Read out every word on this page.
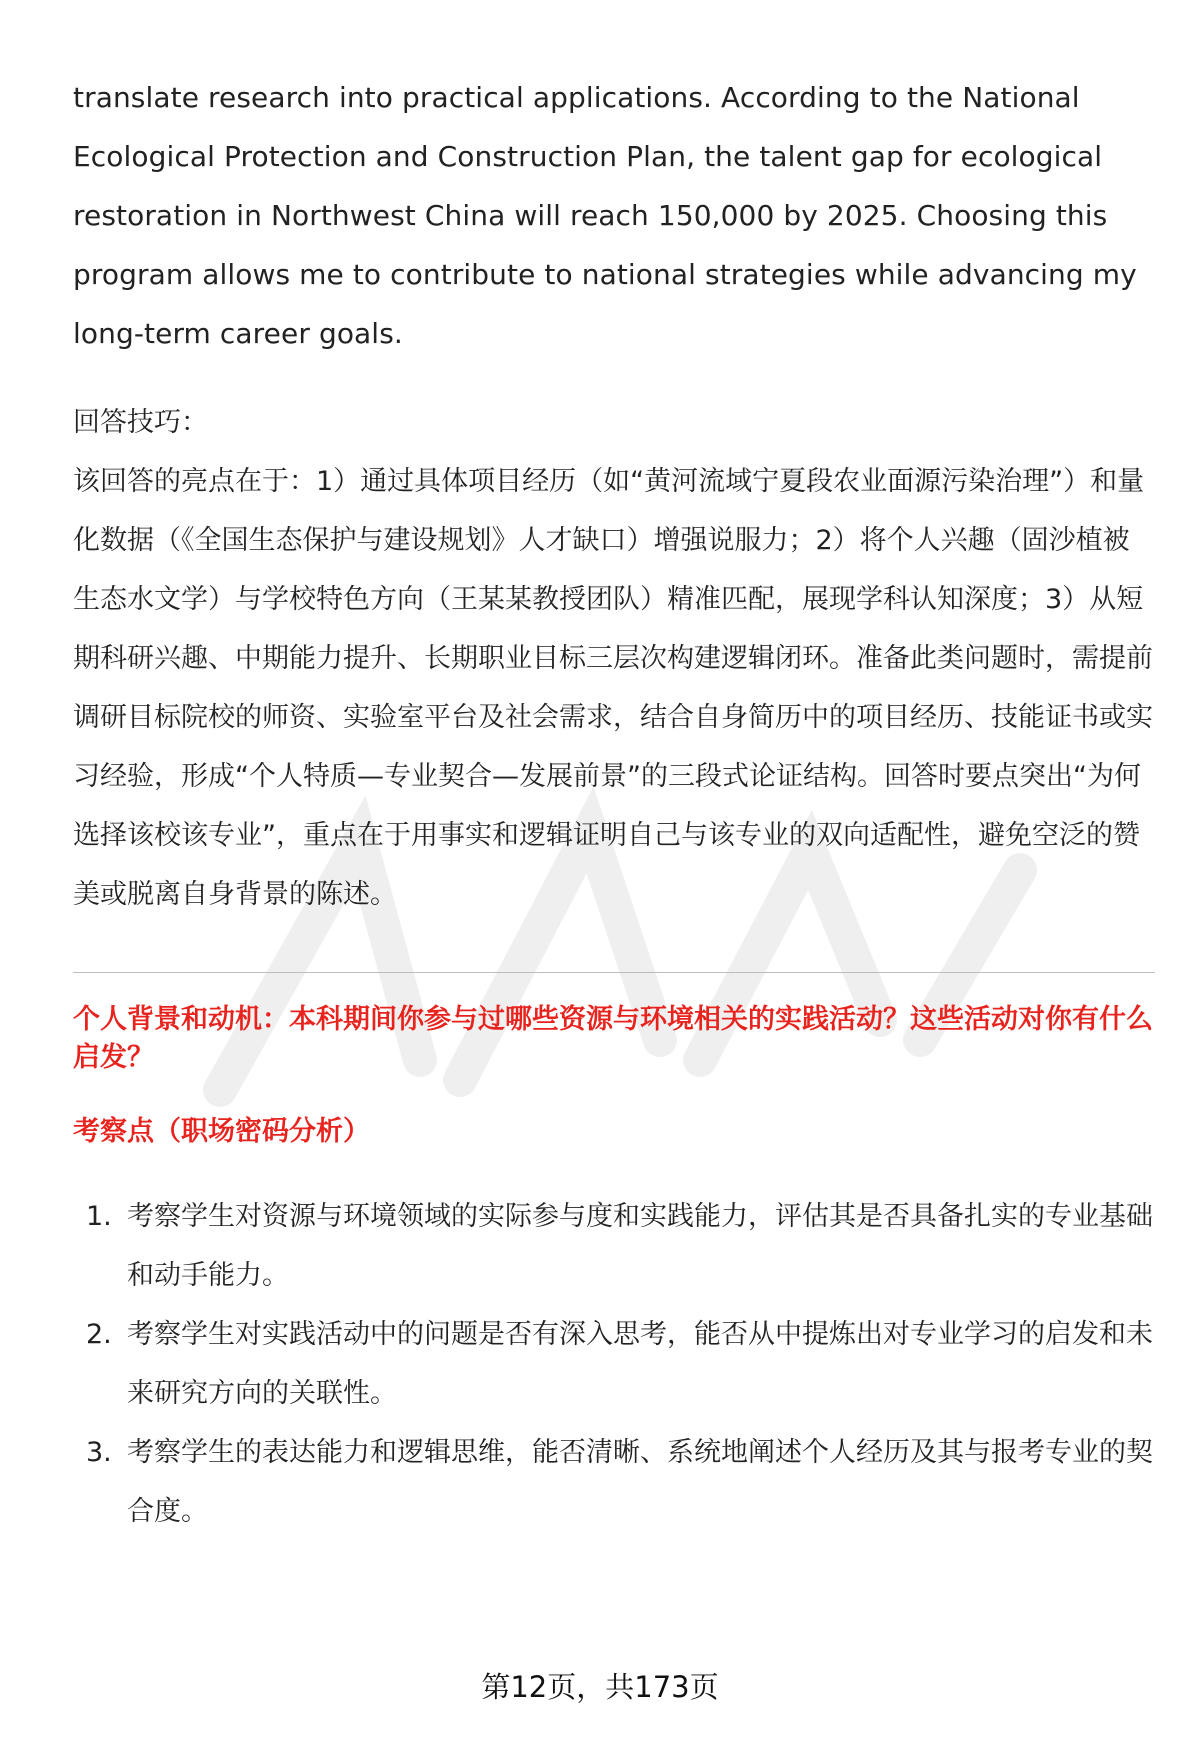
translate research into practical applications. According to the National Ecological Protection and Construction Plan, the talent gap for ecological restoration in Northwest China will reach 150,000 by 2025. Choosing this program allows me to contribute to national strategies while advancing my long-term career goals.

回答技巧：

该回答的亮点在于：1）通过具体项目经历（如“黄河流域宁夏段农业面源污染治理”）和量化数据（《全国生态保护与建设规划》人才缺口）增强说服力；2）将个人兴趣（固沙植被生态水文学）与学校特色方向（王某某教授团队）精准匹配，展现学科认知深度；3）从短期科研兴趣、中期能力提升、长期职业目标三层次构建逻辑闭环。准备此类问题时，需提前调研目标院校的师资、实验室平台及社会需求，结合自身简历中的项目经历、技能证书或实习经验，形成“个人特质—专业契合—发展前景”的三段式论证结构。回答时要点突出“为何选择该校该专业”，重点在于用事实和逻辑证明自己与该专业的双向适配性，避免空泛的赞美或脱离自身背景的陈述。

个人背景和动机：本科期间你参与过哪些资源与环境相关的实践活动？这些活动对你有什么启发？
考察点（职场密码分析）
1. 考察学生对资源与环境领域的实际参与度和实践能力，评估其是否具备扎实的专业基础和动手能力。
2. 考察学生对实践活动中的问题是否有深入思考，能否从中提炼出对专业学习的启发和未来研究方向的关联性。
3. 考察学生的表达能力和逻辑思维，能否清晰、系统地阐述个人经历及其与报考专业的契合度。
第12页，共173页
